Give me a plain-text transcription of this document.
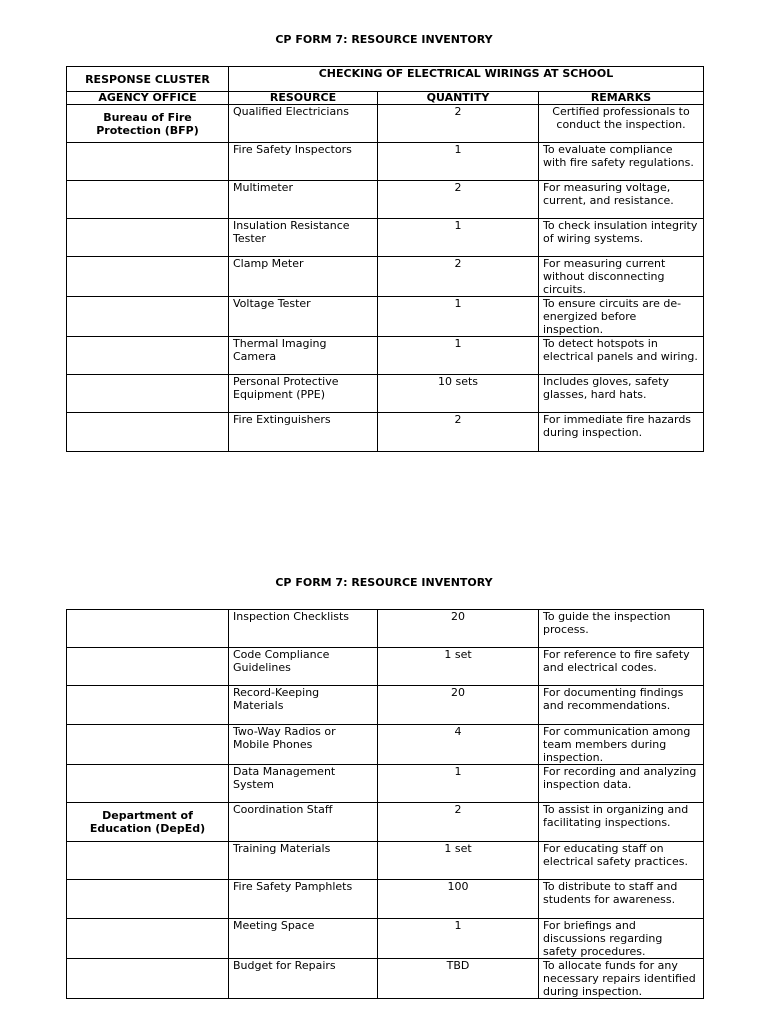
CP FORM 7: RESOURCE INVENTORY
RESPONSE CLUSTER	CHECKING OF ELECTRICAL WIRINGS AT SCHOOL		
AGENCY OFFICE	RESOURCE	QUANTITY	REMARKS
Bureau of Fire Protection (BFP)	Qualified Electricians	2	Certified professionals to conduct the inspection.
	Fire Safety Inspectors	1	To evaluate compliance with fire safety regulations.
	Multimeter	2	For measuring voltage, current, and resistance.
	Insulation Resistance Tester	1	To check insulation integrity of wiring systems.
	Clamp Meter	2	For measuring current without disconnecting circuits.
	Voltage Tester	1	To ensure circuits are de-energized before inspection.
	Thermal Imaging Camera	1	To detect hotspots in electrical panels and wiring.
	Personal Protective Equipment (PPE)	10 sets	Includes gloves, safety glasses, hard hats.
	Fire Extinguishers	2	For immediate fire hazards during inspection.
CP FORM 7: RESOURCE INVENTORY
	Inspection Checklists	20	To guide the inspection process.
	Code Compliance Guidelines	1 set	For reference to fire safety and electrical codes.
	Record-Keeping Materials	20	For documenting findings and recommendations.
	Two-Way Radios or Mobile Phones	4	For communication among team members during inspection.
	Data Management System	1	For recording and analyzing inspection data.
Department of Education (DepEd)	Coordination Staff	2	To assist in organizing and facilitating inspections.
	Training Materials	1 set	For educating staff on electrical safety practices.
	Fire Safety Pamphlets	100	To distribute to staff and students for awareness.
	Meeting Space	1	For briefings and discussions regarding safety procedures.
	Budget for Repairs	TBD	To allocate funds for any necessary repairs identified during inspection.
